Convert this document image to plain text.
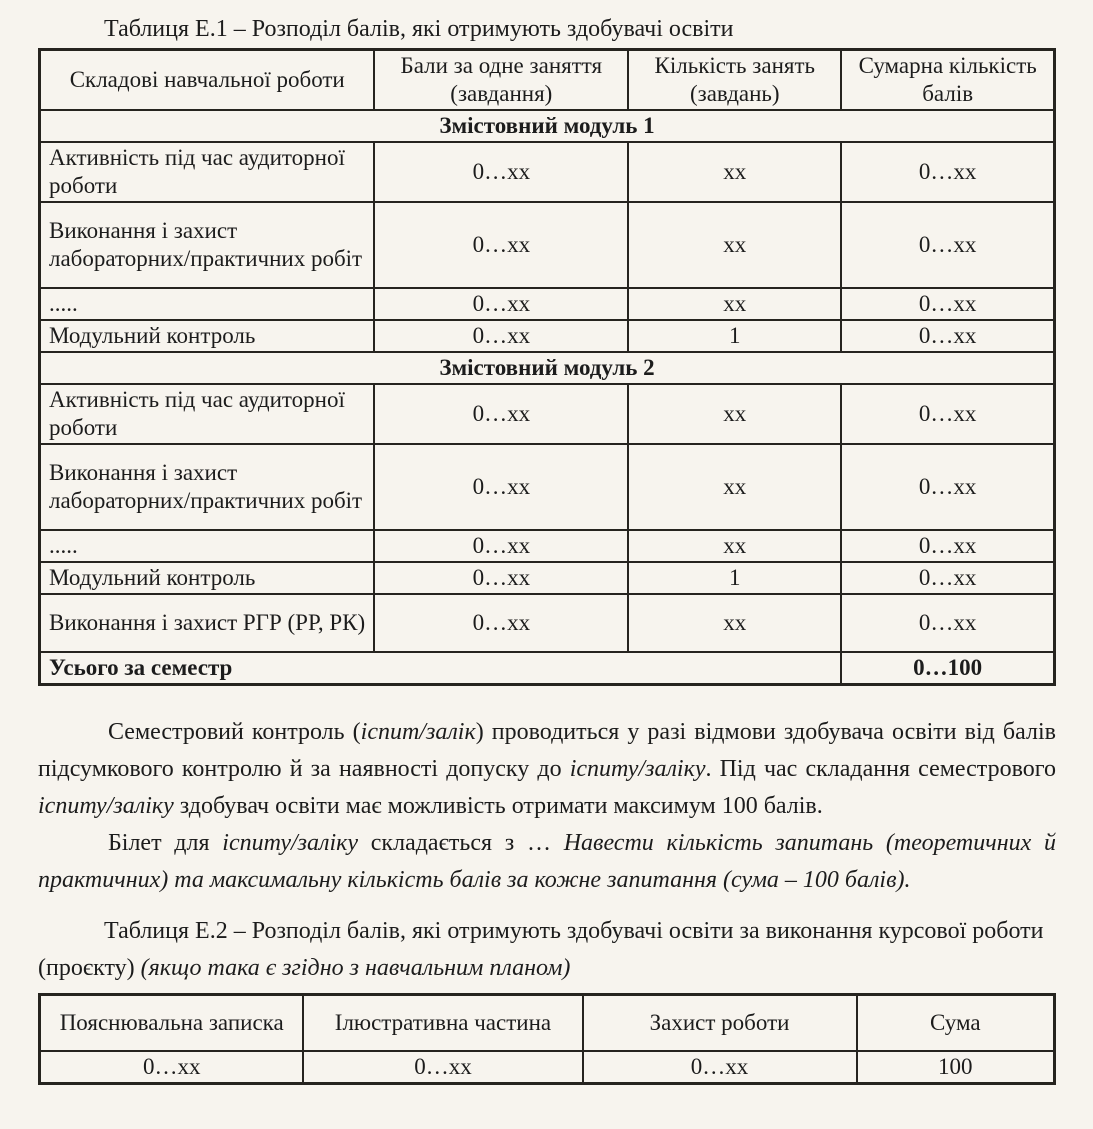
Таблиця Е.1 – Розподіл балів, які отримують здобувачі освіти

Складові навчальної роботи	Бали за одне заняття (завдання)	Кількість занять (завдань)	Сумарна кількість балів
Змістовний модуль 1			
Активність під час аудиторної роботи	0…хх	хх	0…хх
Виконання і захист лабораторних/практичних робіт	0…хх	хх	0…хх
.....	0…хх	хх	0…хх
Модульний контроль	0…хх	1	0…хх
Змістовний модуль 2			
Активність під час аудиторної роботи	0…хх	хх	0…хх
Виконання і захист лабораторних/практичних робіт	0…хх	хх	0…хх
.....	0…хх	хх	0…хх
Модульний контроль	0…хх	1	0…хх
Виконання і захист РГР (РР, РК)	0…хх	хх	0…хх
Усього за семестр			0…100

Семестровий контроль (іспит/залік) проводиться у разі відмови здобувача освіти від балів підсумкового контролю й за наявності допуску до іспиту/заліку. Під час складання семестрового іспиту/заліку здобувач освіти має можливість отримати максимум 100 балів.

Білет для іспиту/заліку складається з … Навести кількість запитань (теоретичних й практичних) та максимальну кількість балів за кожне запитання (сума – 100 балів).

Таблиця Е.2 – Розподіл балів, які отримують здобувачі освіти за виконання курсової роботи (проєкту) (якщо така є згідно з навчальним планом)

Пояснювальна записка	Ілюстративна частина	Захист роботи	Сума
0…хх	0…хх	0…хх	100
